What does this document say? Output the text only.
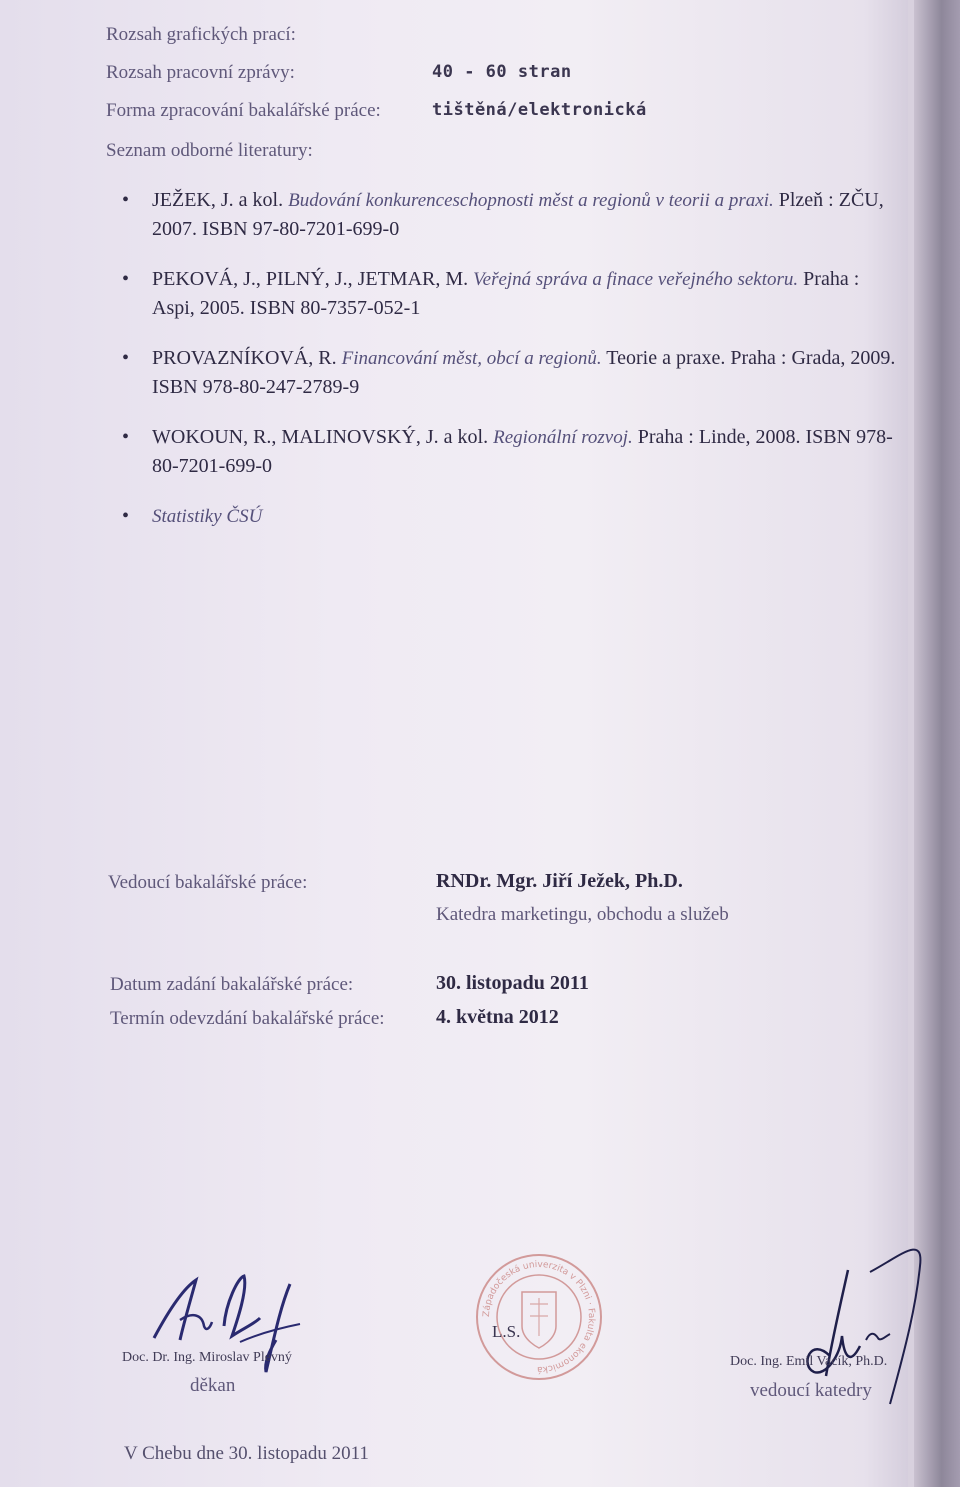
Rozsah grafických prací:
Rozsah pracovní zprávy:	40 - 60 stran
Forma zpracování bakalářské práce:	tištěná/elektronická
Seznam odborné literatury:
• JEŽEK, J. a kol. Budování konkurenceschopnosti měst a regionů v teorii a praxi. Plzeň : ZČU, 2007. ISBN 97-80-7201-699-0
• PEKOVÁ, J., PILNÝ, J., JETMAR, M. Veřejná správa a finace veřejného sektoru. Praha : Aspi, 2005. ISBN 80-7357-052-1
• PROVAZNÍKOVÁ, R. Financování měst, obcí a regionů. Teorie a praxe. Praha : Grada, 2009. ISBN 978-80-247-2789-9
• WOKOUN, R., MALINOVSKÝ, J. a kol. Regionální rozvoj. Praha : Linde, 2008. ISBN 978-80-7201-699-0
• Statistiky ČSÚ
Vedoucí bakalářské práce:	RNDr. Mgr. Jiří Ježek, Ph.D.
Katedra marketingu, obchodu a služeb
Datum zadání bakalářské práce:	30. listopadu 2011
Termín odevzdání bakalářské práce:	4. května 2012
Doc. Dr. Ing. Miroslav Plevný
děkan
Západočeská univerzita v Plzni · Fakulta ekonomická
L.S.
Doc. Ing. Emil Vacík, Ph.D.
vedoucí katedry
V Chebu dne 30. listopadu 2011
